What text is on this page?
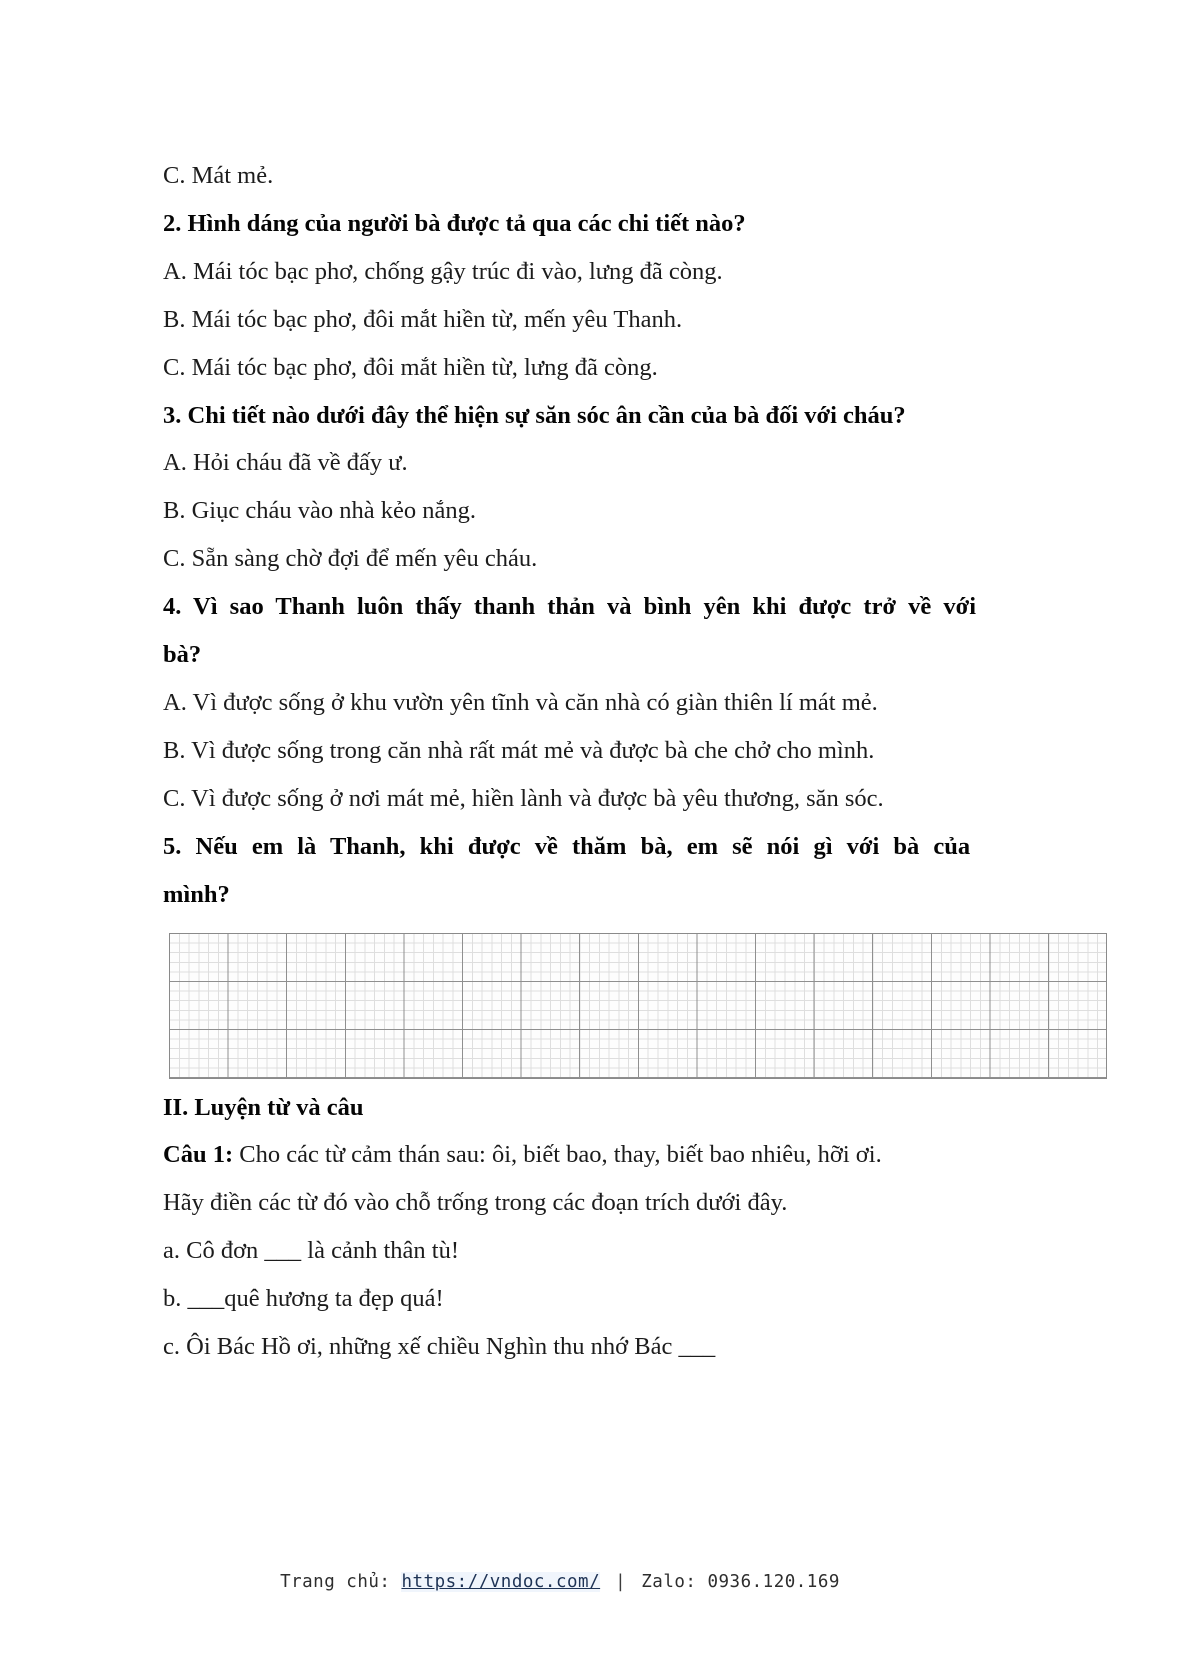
C. Mát mẻ.

2. Hình dáng của người bà được tả qua các chi tiết nào?

A. Mái tóc bạc phơ, chống gậy trúc đi vào, lưng đã còng.

B. Mái tóc bạc phơ, đôi mắt hiền từ, mến yêu Thanh.

C. Mái tóc bạc phơ, đôi mắt hiền từ, lưng đã còng.

3. Chi tiết nào dưới đây thể hiện sự săn sóc ân cần của bà đối với cháu?

A. Hỏi cháu đã về đấy ư.

B. Giục cháu vào nhà kẻo nắng.

C. Sẵn sàng chờ đợi để mến yêu cháu.

4. Vì sao Thanh luôn thấy thanh thản và bình yên khi được trở về với
bà?

A. Vì được sống ở khu vườn yên tĩnh và căn nhà có giàn thiên lí mát mẻ.

B. Vì được sống trong căn nhà rất mát mẻ và được bà che chở cho mình.

C. Vì được sống ở nơi mát mẻ, hiền lành và được bà yêu thương, săn sóc.

5. Nếu em là Thanh, khi được về thăm bà, em sẽ nói gì với bà của
mình?

II. Luyện từ và câu

Câu 1: Cho các từ cảm thán sau: ôi, biết bao, thay, biết bao nhiêu, hỡi ơi.

Hãy điền các từ đó vào chỗ trống trong các đoạn trích dưới đây.

a. Cô đơn ___ là cảnh thân tù!

b. ___quê hương ta đẹp quá!

c. Ôi Bác Hồ ơi, những xế chiều Nghìn thu nhớ Bác ___

Trang chủ: https://vndoc.com/ | Zalo: 0936.120.169
